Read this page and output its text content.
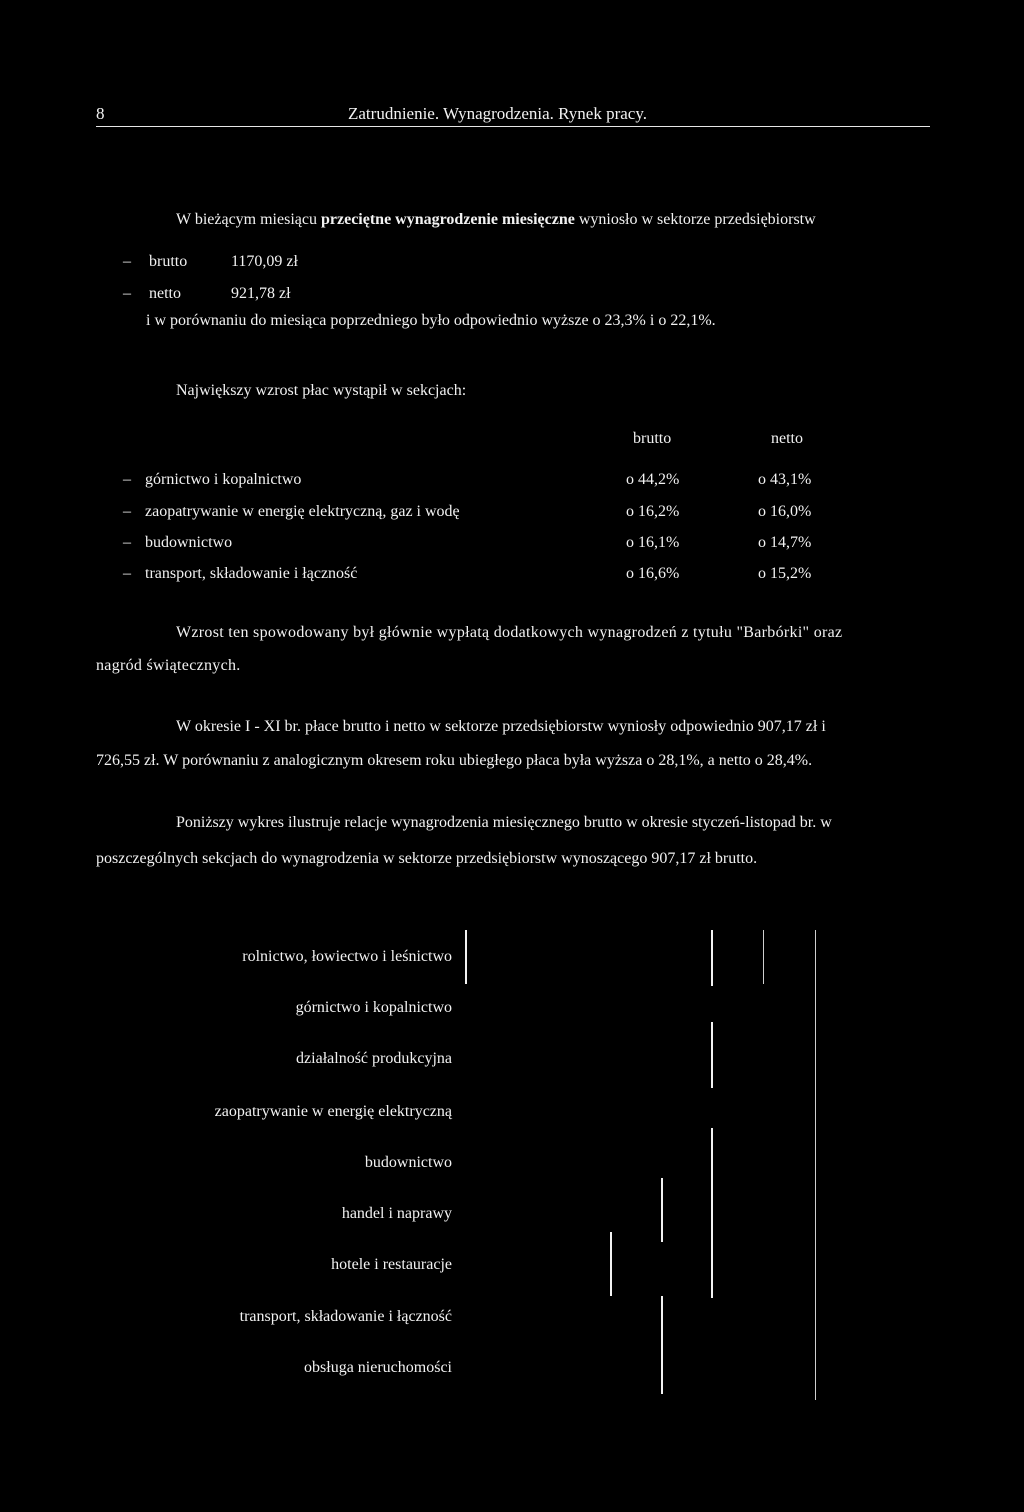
8	Zatrudnienie. Wynagrodzenia. Rynek pracy.
W bieżącym miesiącu przeciętne wynagrodzenie miesięczne wyniosło w sektorze przedsiębiorstw
– brutto	1170,09 zł
– netto	921,78 zł
i w porównaniu do miesiąca poprzedniego było odpowiednio wyższe o 23,3% i o 22,1%.
Największy wzrost płac wystąpił w sekcjach:
brutto	netto
– górnictwo i kopalnictwo	o 44,2%	o 43,1%
– zaopatrywanie w energię elektryczną, gaz i wodę	o 16,2%	o 16,0%
– budownictwo	o 16,1%	o 14,7%
– transport, składowanie i łączność	o 16,6%	o 15,2%
Wzrost ten spowodowany był głównie wypłatą dodatkowych wynagrodzeń z tytułu "Barbórki" oraz
nagród świątecznych.
W okresie I - XI br. płace brutto i netto w sektorze przedsiębiorstw wyniosły odpowiednio 907,17 zł i
726,55 zł. W porównaniu z analogicznym okresem roku ubiegłego płaca była wyższa o 28,1%, a netto o 28,4%.
Poniższy wykres ilustruje relacje wynagrodzenia miesięcznego brutto w okresie styczeń-listopad br. w
poszczególnych sekcjach do wynagrodzenia w sektorze przedsiębiorstw wynoszącego 907,17 zł brutto.
rolnictwo, łowiectwo i leśnictwo
górnictwo i kopalnictwo
działalność produkcyjna
zaopatrywanie w energię elektryczną
budownictwo
handel i naprawy
hotele i restauracje
transport, składowanie i łączność
obsługa nieruchomości
